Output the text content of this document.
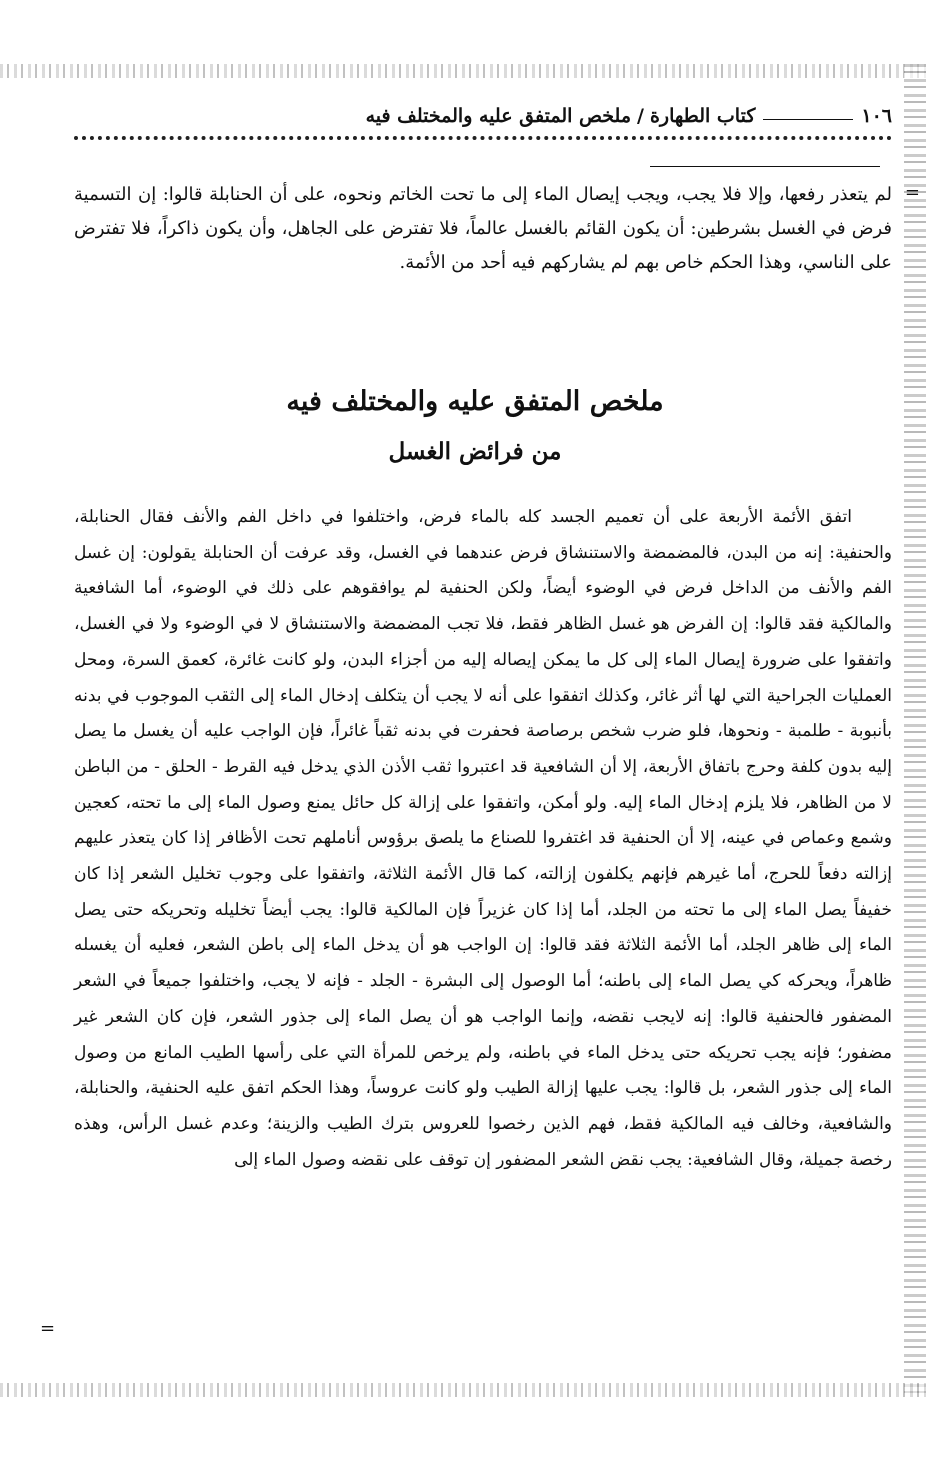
١٠٦
كتاب الطهارة
/
ملخص المتفق عليه والمختلف فيه
=
لم يتعذر رفعها، وإلا فلا يجب، ويجب إيصال الماء إلى ما تحت الخاتم ونحوه، على أن الحنابلة قالوا: إن التسمية فرض في الغسل بشرطين: أن يكون القائم بالغسل عالماً، فلا تفترض على الجاهل، وأن يكون ذاكراً، فلا تفترض على الناسي، وهذا الحكم خاص بهم لم يشاركهم فيه أحد من الأئمة.
ملخص المتفق عليه والمختلف فيه
من فرائض الغسل

اتفق الأئمة الأربعة على أن تعميم الجسد كله بالماء فرض، واختلفوا في داخل الفم والأنف فقال الحنابلة، والحنفية: إنه من البدن، فالمضمضة والاستنشاق فرض عندهما في الغسل، وقد عرفت أن الحنابلة يقولون: إن غسل الفم والأنف من الداخل فرض في الوضوء أيضاً، ولكن الحنفية لم يوافقوهم على ذلك في الوضوء، أما الشافعية والمالكية فقد قالوا: إن الفرض هو غسل الظاهر فقط، فلا تجب المضمضة والاستنشاق لا في الوضوء ولا في الغسل، واتفقوا على ضرورة إيصال الماء إلى كل ما يمكن إيصاله إليه من أجزاء البدن، ولو كانت غائرة، كعمق السرة، ومحل العمليات الجراحية التي لها أثر غائر، وكذلك اتفقوا على أنه لا يجب أن يتكلف إدخال الماء إلى الثقب الموجوب في بدنه بأنبوبة - طلمبة - ونحوها، فلو ضرب شخص برصاصة فحفرت في بدنه ثقباً غائراً، فإن الواجب عليه أن يغسل ما يصل إليه بدون كلفة وحرج باتفاق الأربعة، إلا أن الشافعية قد اعتبروا ثقب الأذن الذي يدخل فيه القرط - الحلق - من الباطن لا من الظاهر، فلا يلزم إدخال الماء إليه. ولو أمكن، واتفقوا على إزالة كل حائل يمنع وصول الماء إلى ما تحته، كعجين وشمع وعماص في عينه، إلا أن الحنفية قد اغتفروا للصناع ما يلصق برؤوس أناملهم تحت الأظافر إذا كان يتعذر عليهم إزالته دفعاً للحرج، أما غيرهم فإنهم يكلفون إزالته، كما قال الأئمة الثلاثة، واتفقوا على وجوب تخليل الشعر إذا كان خفيفاً يصل الماء إلى ما تحته من الجلد، أما إذا كان غزيراً فإن المالكية قالوا: يجب أيضاً تخليله وتحريكه حتى يصل الماء إلى ظاهر الجلد، أما الأئمة الثلاثة فقد قالوا: إن الواجب هو أن يدخل الماء إلى باطن الشعر، فعليه أن يغسله ظاهراً، ويحركه كي يصل الماء إلى باطنه؛ أما الوصول إلى البشرة - الجلد - فإنه لا يجب، واختلفوا جميعاً في الشعر المضفور فالحنفية قالوا: إنه لايجب نقضه، وإنما الواجب هو أن يصل الماء إلى جذور الشعر، فإن كان الشعر غير مضفور؛ فإنه يجب تحريكه حتى يدخل الماء في باطنه، ولم يرخص للمرأة التي على رأسها الطيب المانع من وصول الماء إلى جذور الشعر، بل قالوا: يجب عليها إزالة الطيب ولو كانت عروساً، وهذا الحكم اتفق عليه الحنفية، والحنابلة، والشافعية، وخالف فيه المالكية فقط، فهم الذين رخصوا للعروس بترك الطيب والزينة؛ وعدم غسل الرأس، وهذه رخصة جميلة، وقال الشافعية: يجب نقض الشعر المضفور إن توقف على نقضه وصول الماء إلى

=
